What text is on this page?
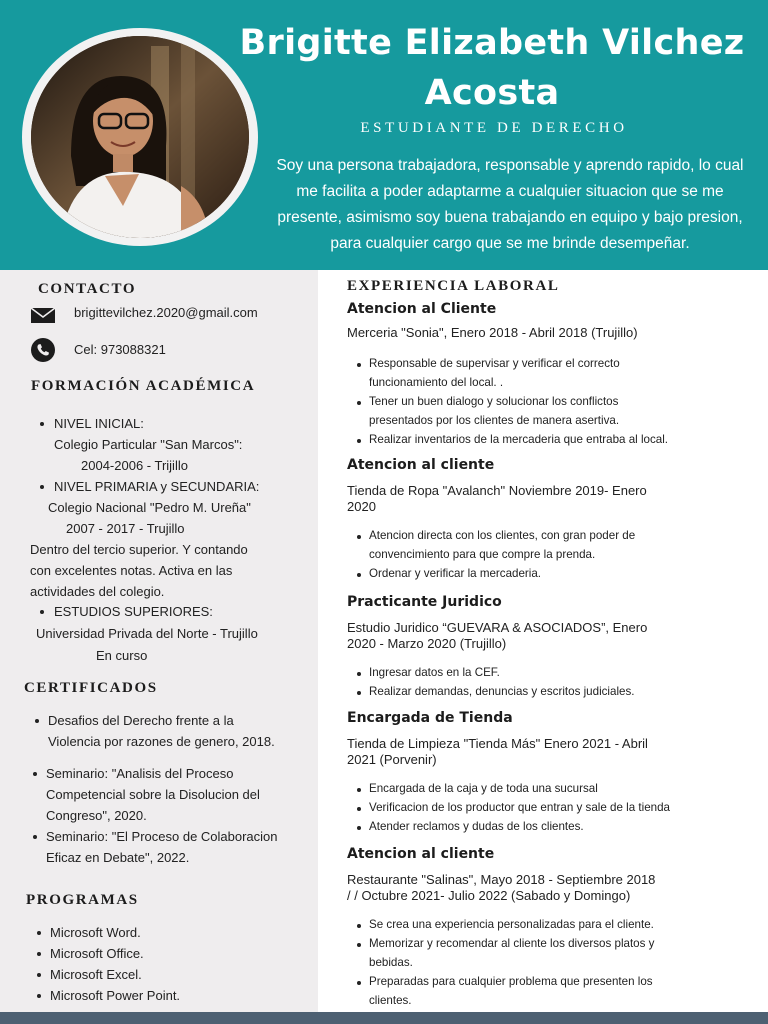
Brigitte Elizabeth Vilchez
Acosta
ESTUDIANTE DE DERECHO
Soy una persona trabajadora, responsable y aprendo rapido, lo cual me facilita a poder adaptarme a cualquier situacion que se me presente, asimismo soy buena trabajando en equipo y bajo presion, para cualquier cargo que se me brinde desempeñar.
CONTACTO
brigittevilchez.2020@gmail.com
Cel: 973088321
FORMACIÓN ACADÉMICA
NIVEL INICIAL:
Colegio Particular "San Marcos":
2004-2006 - Trijillo
NIVEL PRIMARIA y SECUNDARIA:
Colegio Nacional "Pedro M. Ureña"
2007 - 2017 - Trujillo
Dentro del tercio superior. Y contando
con excelentes notas. Activa en las
actividades del colegio.
ESTUDIOS SUPERIORES:
Universidad Privada del Norte - Trujillo
En curso
CERTIFICADOS
Desafios del Derecho frente a la
Violencia por razones de genero, 2018.
Seminario: "Analisis del Proceso
Competencial sobre la Disolucion del
Congreso", 2020.
Seminario: "El Proceso de Colaboracion
Eficaz en Debate", 2022.
PROGRAMAS
Microsoft Word.
Microsoft Office.
Microsoft Excel.
Microsoft Power Point.
EXPERIENCIA LABORAL
Atencion al Cliente
Merceria "Sonia", Enero 2018 - Abril 2018 (Trujillo)
Responsable de supervisar y verificar el correcto
funcionamiento del local. .
Tener un buen dialogo y solucionar los conflictos
presentados por los clientes de manera asertiva.
Realizar inventarios de la mercaderia que entraba al local.
Atencion al cliente
Tienda de Ropa "Avalanch" Noviembre 2019- Enero
2020
Atencion directa con los clientes, con gran poder de
convencimiento para que compre la prenda.
Ordenar y verificar la mercaderia.
Practicante Juridico
Estudio Juridico “GUEVARA & ASOCIADOS”, Enero
2020 - Marzo 2020 (Trujillo)
Ingresar datos en la CEF.
Realizar demandas, denuncias y escritos judiciales.
Encargada de Tienda
Tienda de Limpieza "Tienda Más" Enero 2021 - Abril
2021 (Porvenir)
Encargada de la caja y de toda una sucursal
Verificacion de los productor que entran y sale de la tienda
Atender reclamos y dudas de los clientes.
Atencion al cliente
Restaurante "Salinas", Mayo 2018 - Septiembre 2018
/ / Octubre 2021- Julio 2022 (Sabado y Domingo)
Se crea una experiencia personalizadas para el cliente.
Memorizar y recomendar al cliente los diversos platos y
bebidas.
Preparadas para cualquier problema que presenten los
clientes.
